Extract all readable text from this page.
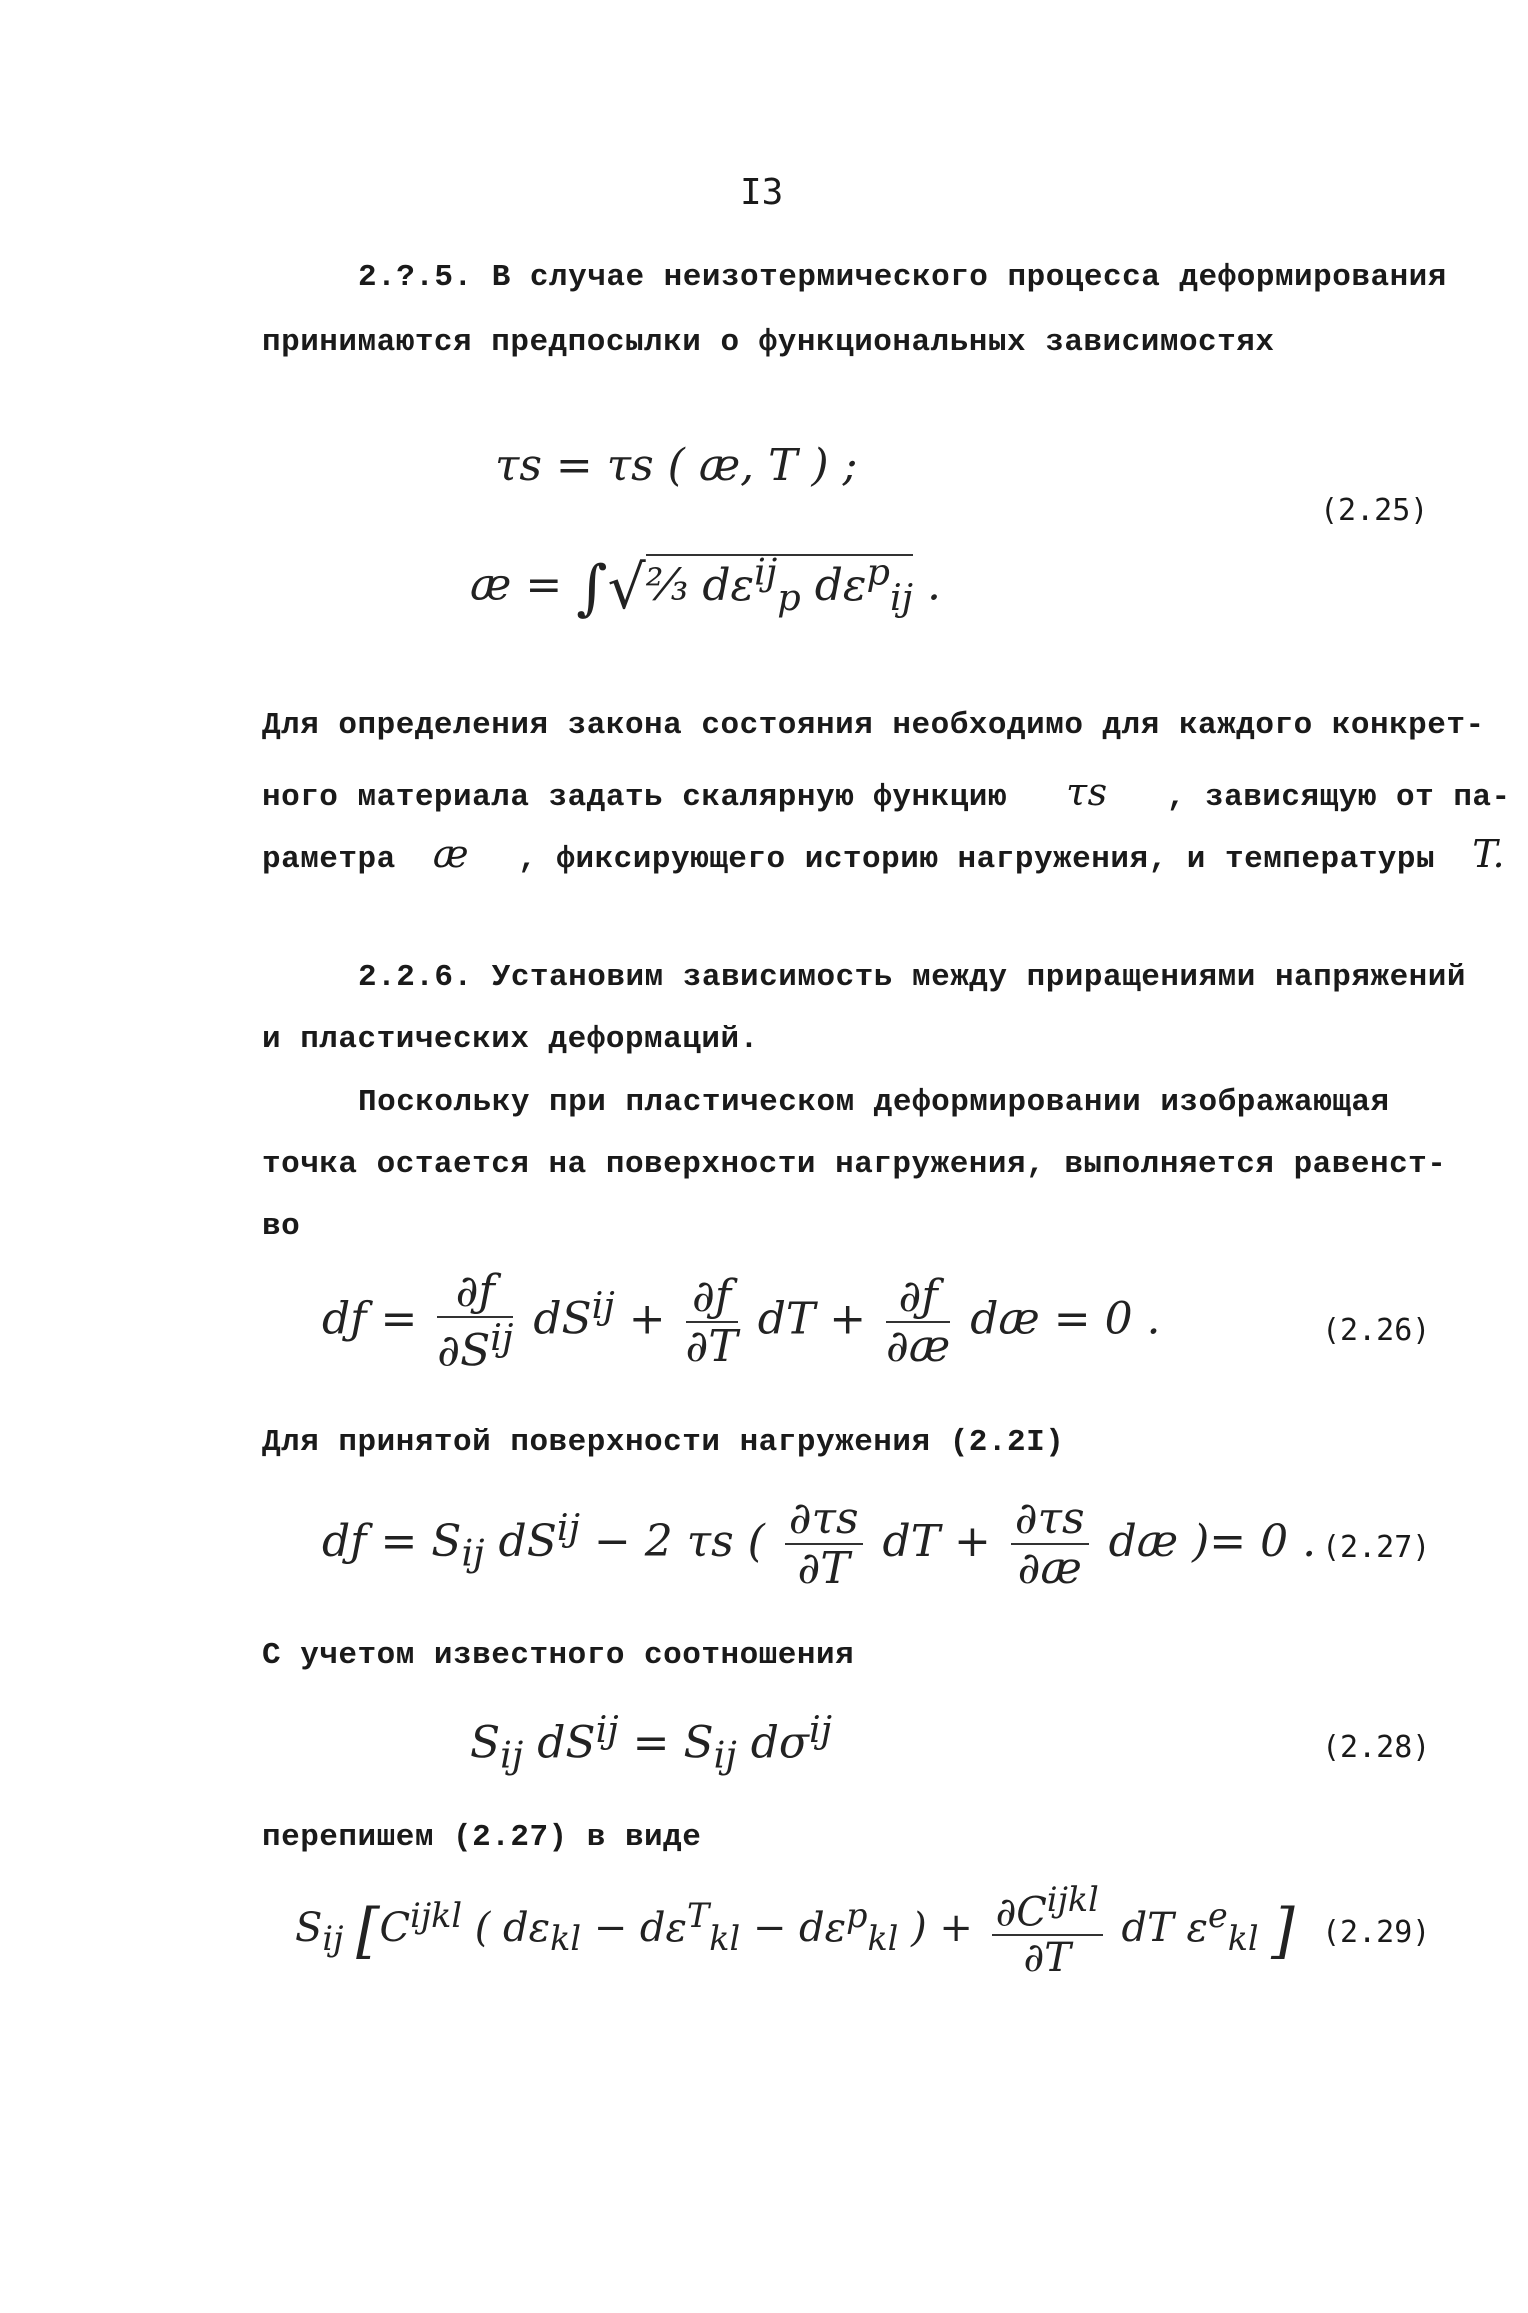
I3
2.?.5. В случае неизотермического процесса деформирования
принимаются предпосылки о функциональных зависимостях
τs = τs ( æ, T ) ;
æ = ∫√⅔ $d\varepsilon^{ij}_p$ $d\varepsilon^p_{ij}$ .
(2.25)
Для определения закона состояния необходимо для каждого конкрет-
ного материала задать скалярную функцию τs , зависящую от па-
раметра æ , фиксирующего историю нагружения, и температуры T.
2.2.6. Установим зависимость между приращениями напряжений
и пластических деформаций.
Поскольку при пластическом деформировании изображающая
точка остается на поверхности нагружения, выполняется равенст-
во
dƒ = $\frac{\partial ƒ}{\partial S^{ij}} dS^{ij} + \frac{\partial ƒ}{\partial T}$ dT + $\frac{\partial ƒ}{\partial æ}$ dæ = 0 .	(2.26)
Для принятой поверхности нагружения (2.2I)
dƒ = $S_{ij}$ $dS^{ij} - 2$ τs ( $\frac{\partial\tau s}{\partial T}$ dT + $\frac{\partial\tau s}{\partial æ}$ dæ )= 0 . (2.27)
С учетом известного соотношения
$S_{ij}$ $dS^{ij} = S_{ij}$ $d\sigma^{ij}$	(2.28)
перепишем (2.27) в виде
$S_{ij}$ [$C^{ijkl}$ ( $d\varepsilon_{kl} - d\varepsilon^T_{kl} - d\varepsilon^p_{kl}$ ) + $\frac{\partial C^{ijkl}}{\partial T}$ dT $\varepsilon^e_{kl}$ ] (2.29)
